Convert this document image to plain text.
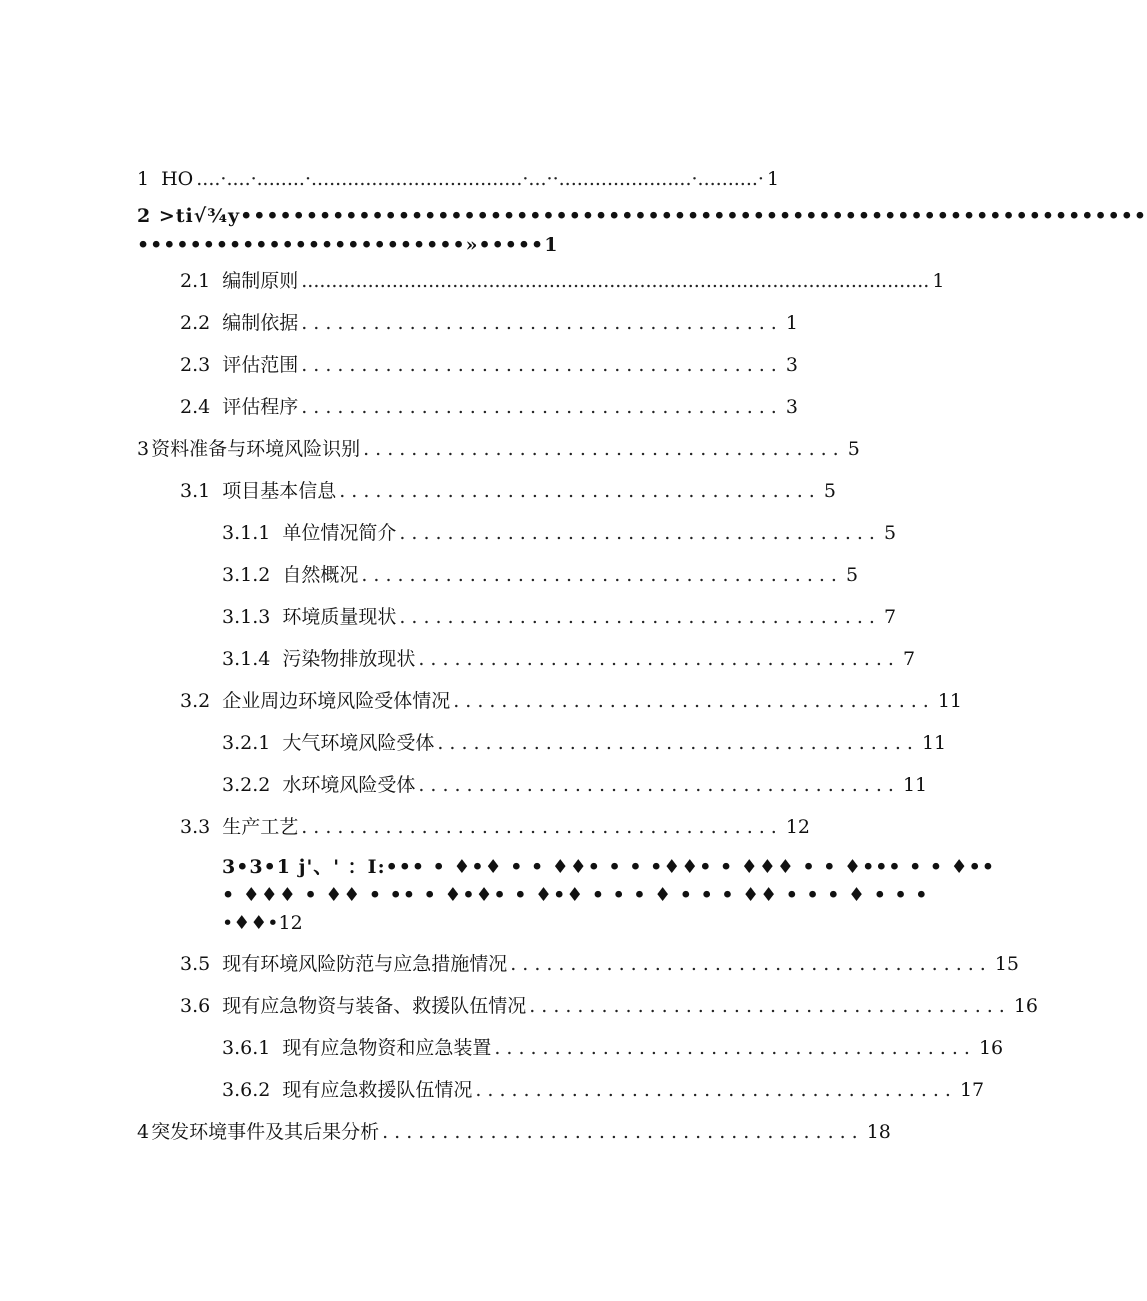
1 HO ....·....·........·...................................·...··......................·..........· 1
2 >ti√¾y•••••••••••••••••••••••••••••••••••••••••••••••••••••••••••••••••••••
•••••••••••••••••••••••••»•••••1
2.1 编制原则 ........................................................................................................ 1
2.2 编制依据 ........................................ 1
2.3 评估范围 ........................................ 3
2.4 评估程序 ........................................ 3
3 资料准备与环境风险识别 ........................................ 5
3.1 项目基本信息 ........................................ 5
3.1.1 单位情况简介 ........................................ 5
3.1.2 自然概况 ........................................ 5
3.1.3 环境质量现状 ........................................ 7
3.1.4 污染物排放现状 ........................................ 7
3.2 企业周边环境风险受体情况 ........................................ 11
3.2.1 大气环境风险受体 ........................................ 11
3.2.2 水环境风险受体 ........................................ 11
3.3 生产工艺 ........................................ 12
3•3•1 j'、' ：I:••• • ♦•♦ • • ♦♦• • • •♦♦• • ♦♦♦ • • ♦••• • • ♦••
• ♦♦♦ • ♦♦ • •• • ♦•♦• • ♦•♦ • • • ♦ • • • ♦♦ • • • ♦ • • •
•♦♦•12
3.5 现有环境风险防范与应急措施情况 ........................................ 15
3.6 现有应急物资与装备、救援队伍情况 ........................................ 16
3.6.1 现有应急物资和应急装置 ........................................ 16
3.6.2 现有应急救援队伍情况 ........................................ 17
4 突发环境事件及其后果分析 ........................................ 18
